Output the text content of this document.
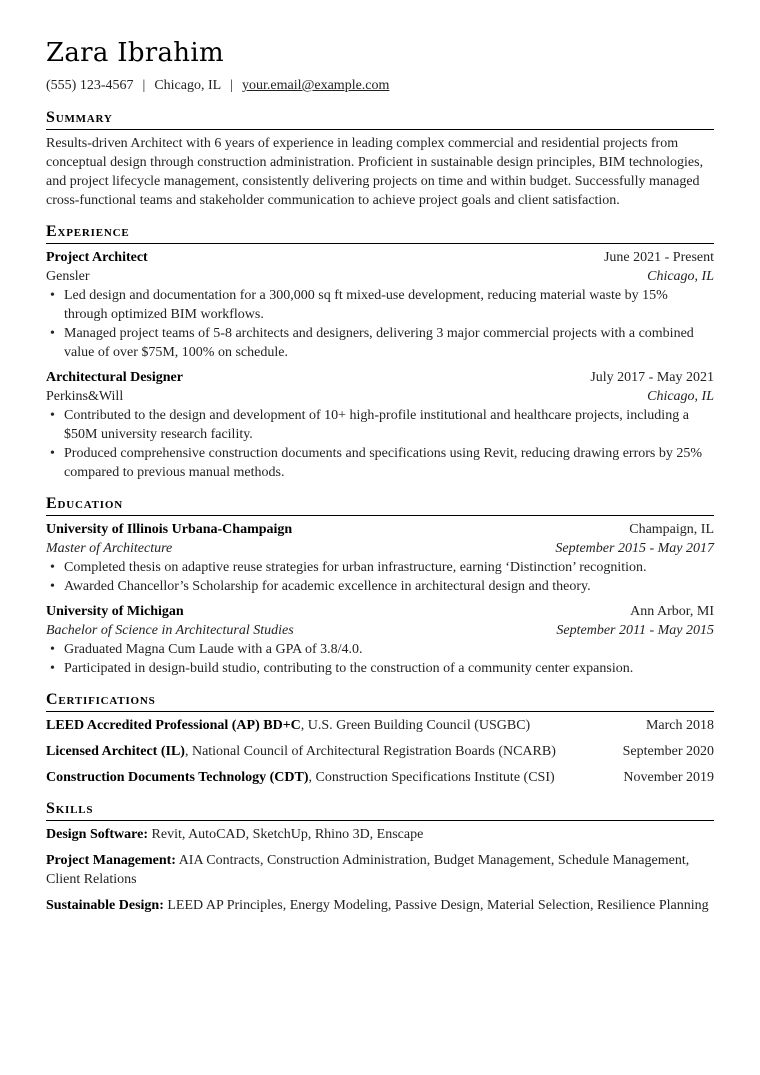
Zara Ibrahim
(555) 123-4567 | Chicago, IL | your.email@example.com
Summary

Results-driven Architect with 6 years of experience in leading complex commercial and residential projects from conceptual design through construction administration. Proficient in sustainable design principles, BIM technologies, and project lifecycle management, consistently delivering projects on time and within budget. Successfully managed cross-functional teams and stakeholder communication to achieve project goals and client satisfaction.

Experience
Project Architect	June 2021 - Present
Gensler	Chicago, IL
• Led design and documentation for a 300,000 sq ft mixed-use development, reducing material waste by 15% through optimized BIM workflows.
• Managed project teams of 5-8 architects and designers, delivering 3 major commercial projects with a combined value of over $75M, 100% on schedule.
Architectural Designer	July 2017 - May 2021
Perkins&Will	Chicago, IL
• Contributed to the design and development of 10+ high-profile institutional and healthcare projects, including a $50M university research facility.
• Produced comprehensive construction documents and specifications using Revit, reducing drawing errors by 25% compared to previous manual methods.
Education
University of Illinois Urbana-Champaign	Champaign, IL
Master of Architecture	September 2015 - May 2017
• Completed thesis on adaptive reuse strategies for urban infrastructure, earning ‘Distinction’ recognition.
• Awarded Chancellor’s Scholarship for academic excellence in architectural design and theory.
University of Michigan	Ann Arbor, MI
Bachelor of Science in Architectural Studies	September 2011 - May 2015
• Graduated Magna Cum Laude with a GPA of 3.8/4.0.
• Participated in design-build studio, contributing to the construction of a community center expansion.
Certifications
LEED Accredited Professional (AP) BD+C, U.S. Green Building Council (USGBC)	March 2018
Licensed Architect (IL), National Council of Architectural Registration Boards (NCARB)	September 2020
Construction Documents Technology (CDT), Construction Specifications Institute (CSI)	November 2019
Skills
Design Software: Revit, AutoCAD, SketchUp, Rhino 3D, Enscape
Project Management: AIA Contracts, Construction Administration, Budget Management, Schedule Management, Client Relations
Sustainable Design: LEED AP Principles, Energy Modeling, Passive Design, Material Selection, Resilience Planning
